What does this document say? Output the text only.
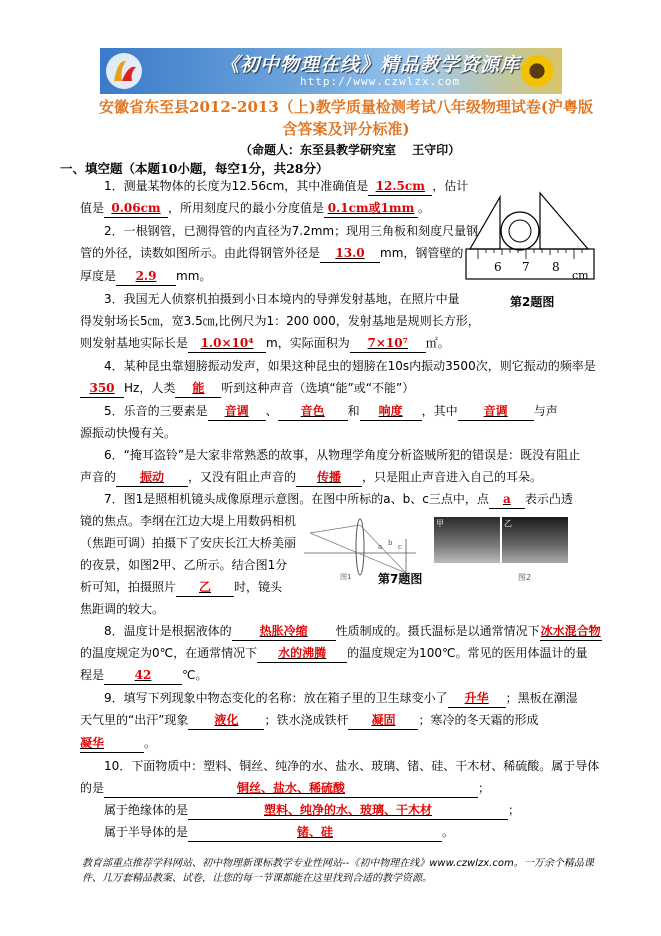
《初中物理在线》精品教学资源库
http://www.czwlzx.com
安徽省东至县2012-2013（上)教学质量检测考试八年级物理试卷(沪粤版含答案及评分标准)
（命题人：东至县教学研究室　 王守印）
一、填空题（本题10小题，每空1分，共28分）
1．测量某物体的长度为12.56cm，其中准确值是 12.5cm ，估计
值是 0.06cm ，所用刻度尺的最小分度值是 0.1cm或1mm 。
6 7 8
cm
第2题图
2．一根钢管，已测得管的内直径为7.2mm；现用三角板和刻度尺量钢
管的外径，读数如图所示。由此得钢管外径是 13.0 mm，钢管壁的
厚度是 2.9 mm。
3．我国无人侦察机拍摄到小日本境内的导弹发射基地，在照片中量
得发射场长5㎝，宽3.5㎝,比例尺为1：200 000，发射基地是规则长方形，
则发射基地实际长是 1.0×10⁴ m，实际面积为 7×10⁷ ㎡。
4．某种昆虫靠翅膀振动发声，如果这种昆虫的翅膀在10s内振动3500次，则它振动的频率是
350 Hz，人类 能 听到这种声音（选填“能”或“不能”）
5．乐音的三要素是 音调 、 音色 和 响度 ，其中 音调 与声
源振动快慢有关。
6．“掩耳盗铃”是大家非常熟悉的故事，从物理学角度分析盗贼所犯的错误是：既没有阻止
声音的 振动 ，又没有阻止声音的 传播 ，只是阻止声音进入自己的耳朵。
7．图1是照相机镜头成像原理示意图。在图中所标的a、b、c三点中，点 a 表示凸透
镜的焦点。李纲在江边大堤上用数码相机
（焦距可调）拍摄下了安庆长江大桥美丽
的夜景，如图2甲、乙所示。结合图1分
析可知，拍摄照片 乙 时，镜头
焦距调的较大。
a b c
图1
甲	乙
图2
第7题图
8．温度计是根据液体的 热胀冷缩 性质制成的。摄氏温标是以通常情况下冰水混合物
的温度规定为0℃，在通常情况下 水的沸腾 的温度规定为100℃。常见的医用体温计的量
程是	42	℃。
9．填写下列现象中物态变化的名称：放在箱子里的卫生球变小了 升华 ；黑板在潮湿
天气里的“出汗”现象 液化 ；铁水浇成铁杆 凝固 ；寒冷的冬天霜的形成
凝华	。
10．下面物质中：塑料、铜丝、纯净的水、盐水、玻璃、锗、硅、干木材、稀硫酸。属于导体
的是	铜丝、盐水、稀硫酸	；
属于绝缘体的是	塑料、纯净的水、玻璃、干木材	；
属于半导体的是	锗、硅	。
教育部重点推荐学科网站、初中物理新课标教学专业性网站--《初中物理在线》www.czwlzx.com。一万余个精品课件、几万套精品教案、试卷，让您的每一节课都能在这里找到合适的教学资源。
